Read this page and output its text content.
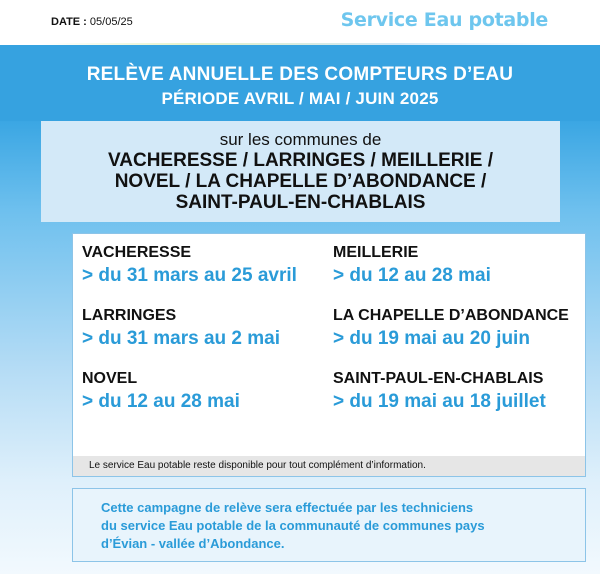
DATE : 05/05/25	Service Eau potable
RELÈVE ANNUELLE DES COMPTEURS D’EAU
PÉRIODE AVRIL / MAI / JUIN 2025
sur les communes de
VACHERESSE / LARRINGES / MEILLERIE /
NOVEL / LA CHAPELLE D’ABONDANCE /
SAINT-PAUL-EN-CHABLAIS
VACHERESSE
> du 31 mars au 25 avril
MEILLERIE
> du 12 au 28 mai
LARRINGES
> du 31 mars au 2 mai
LA CHAPELLE D’ABONDANCE
> du 19 mai au 20 juin
NOVEL
> du 12 au 28 mai
SAINT-PAUL-EN-CHABLAIS
> du 19 mai au 18 juillet
Le service Eau potable reste disponible pour tout complément d’information.
Cette campagne de relève sera effectuée par les techniciens
du service Eau potable de la communauté de communes pays
d’Évian - vallée d’Abondance.
